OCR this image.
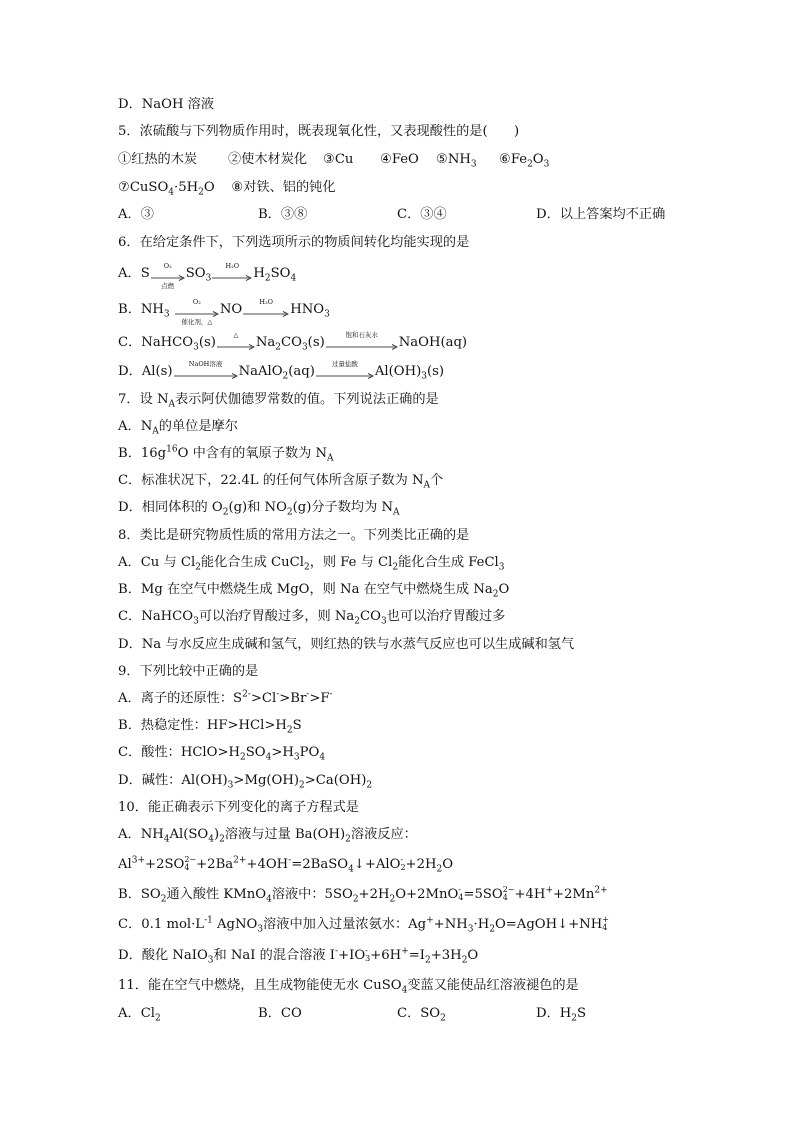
D．NaOH 溶液
5．浓硫酸与下列物质作用时，既表现氧化性，又表现酸性的是(　　)
①红热的木炭 ②使木材炭化 ③Cu ④FeO $⑤NH_3$ $⑥Fe_2O_3$
$⑦CuSO_4\cdot 5H_2O$ ⑧对铁、铝的钝化
A．③	B．③⑧	C．③④	D．以上答案均不正确
6．在给定条件下，下列选项所示的物质间转化均能实现的是
A．S	O₂
点燃
$SO_3$
H₂O	$H_2SO_4$
B．$NH_3$
O₂
催化剂，△
NO	H₂O	$HNO_3$
C．NaHCO$_3$(s)	△	$Na_2CO_3(s)$	饱和石灰水	NaOH(aq)
D．Al(s)	NaOH溶液	NaAlO$_2$(aq)	过量盐酸	$Al(OH)_3(s)$
7．设 $N_A$表示阿伏伽德罗常数的值。下列说法正确的是
A．$N_A$的单位是摩尔
B．$16g^{16}O$ 中含有的氧原子数为 $N_A$
C．标准状况下，22.4L 的任何气体所含原子数为 $N_A$个
D．相同体积的 $O_2(g)$和 $NO_2(g)$分子数均为 $N_A$
8．类比是研究物质性质的常用方法之一。下列类比正确的是
A．Cu 与 $Cl_2$能化合生成 CuCl$_2$，则 Fe 与 $Cl_2$能化合生成 FeCl$_3$
B．Mg 在空气中燃烧生成 MgO，则 Na 在空气中燃烧生成 $Na_2O$
C．NaHCO$_3$可以治疗胃酸过多，则 $Na_2CO_3$也可以治疗胃酸过多
D．Na 与水反应生成碱和氢气，则红热的铁与水蒸气反应也可以生成碱和氢气
9．下列比较中正确的是
A．离子的还原性：$S^{2-}>Cl^->Br^->F^-$
B．热稳定性：$HF>HCl>H_2S$
C．酸性：$HClO>H_2SO_4>H_3PO_4$
D．碱性：$Al(OH)_3>Mg(OH)_2>Ca(OH)_2$
10．能正确表示下列变化的离子方程式是
A．$NH_4Al(SO_4)_2$溶液与过量 $Ba(OH)_2$溶液反应：
$Al^{3+}+2SO$ 2−
$4 +2Ba^{2+}+4OH^-=2BaSO_4↓+AlO$ -
$2 +2H_2O$
B．$SO_2$通入酸性 KMnO$_4$溶液中：$5SO_2+2H_2O+2MnO$ -
4 =5SO 2−
$4 +4H^++2Mn^{2+}$
C．0.1 $mol\cdot L^{-1}$ AgNO$_3$溶液中加入过量浓氨水：$Ag^++NH_3\cdot H_2O=AgOH↓+NH$ +
4
D．酸化 NaIO$_3$和 NaI 的混合溶液 I-+IO -
$3 +6H^+=I_2+3H_2O$
11．能在空气中燃烧，且生成物能使无水 CuSO$_4$变蓝又能使品红溶液褪色的是
A．$Cl_2$	B．CO	C．$SO_2$	D．$H_2S$
